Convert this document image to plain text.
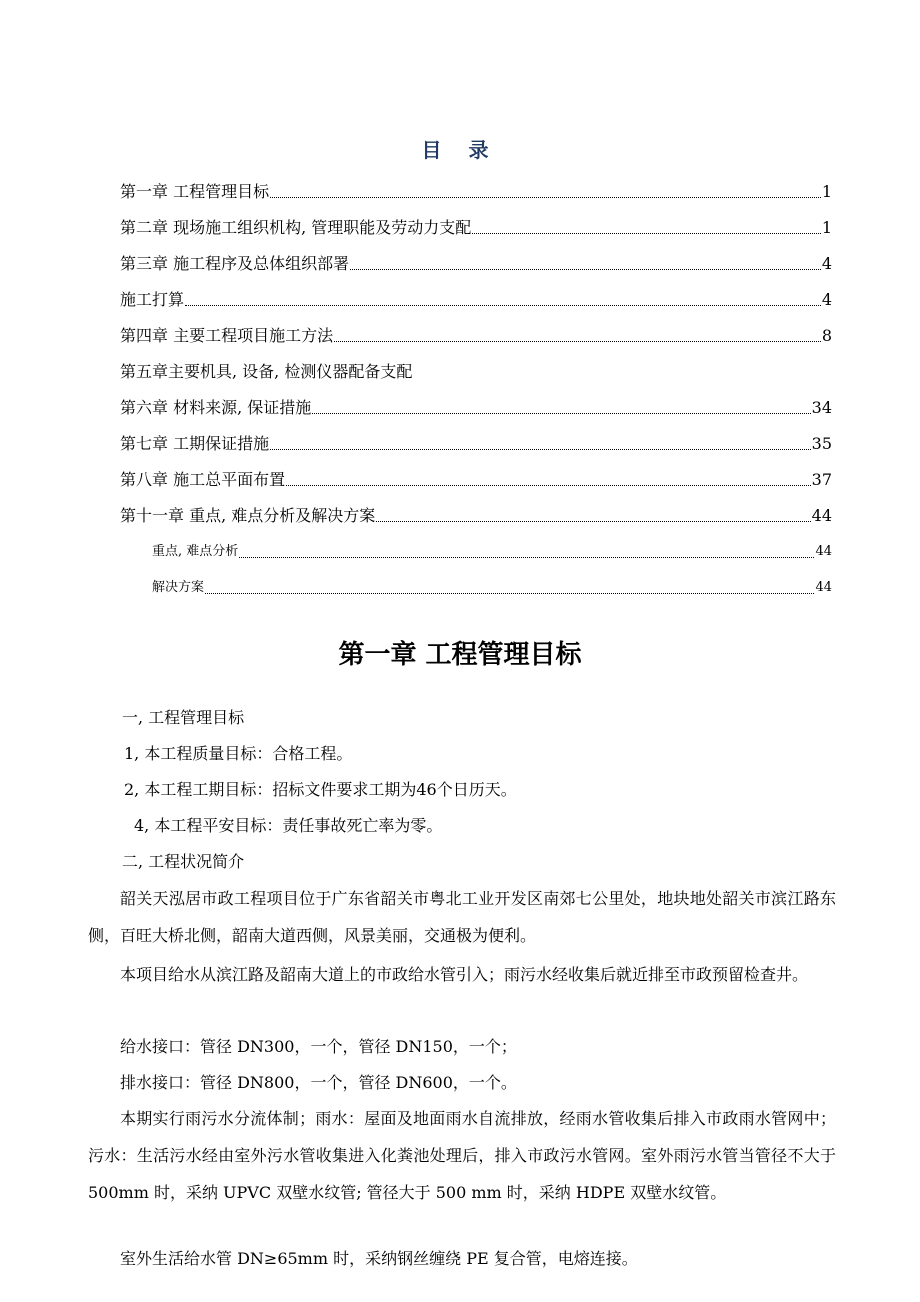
目 录
第一章 工程管理目标	1
第二章 现场施工组织机构, 管理职能及劳动力支配	1
第三章 施工程序及总体组织部署	4
施工打算	4
第四章 主要工程项目施工方法	8
第五章主要机具, 设备, 检测仪器配备支配
第六章 材料来源, 保证措施	34
第七章 工期保证措施	35
第八章 施工总平面布置	37
第十一章 重点, 难点分析及解决方案	44
重点, 难点分析	44
解决方案	44
第一章 工程管理目标
一, 工程管理目标
1, 本工程质量目标：合格工程。
2, 本工程工期目标：招标文件要求工期为46个日历天。
4, 本工程平安目标：责任事故死亡率为零。
二, 工程状况简介
韶关天泓居市政工程项目位于广东省韶关市粤北工业开发区南郊七公里处，地块地处韶关市滨江路东侧，百旺大桥北侧，韶南大道西侧，风景美丽，交通极为便利。
本项目给水从滨江路及韶南大道上的市政给水管引入；雨污水经收集后就近排至市政预留检查井。
给水接口：管径 DN300，一个，管径 DN150，一个；
排水接口：管径 DN800，一个，管径 DN600，一个。
本期实行雨污水分流体制；雨水：屋面及地面雨水自流排放，经雨水管收集后排入市政雨水管网中；污水：生活污水经由室外污水管收集进入化粪池处理后，排入市政污水管网。室外雨污水管当管径不大于 500mm 时，采纳 UPVC 双壁水纹管; 管径大于 500 mm 时，采纳 HDPE 双壁水纹管。
室外生活给水管 DN≥65mm 时，采纳钢丝缠绕 PE 复合管，电熔连接。
